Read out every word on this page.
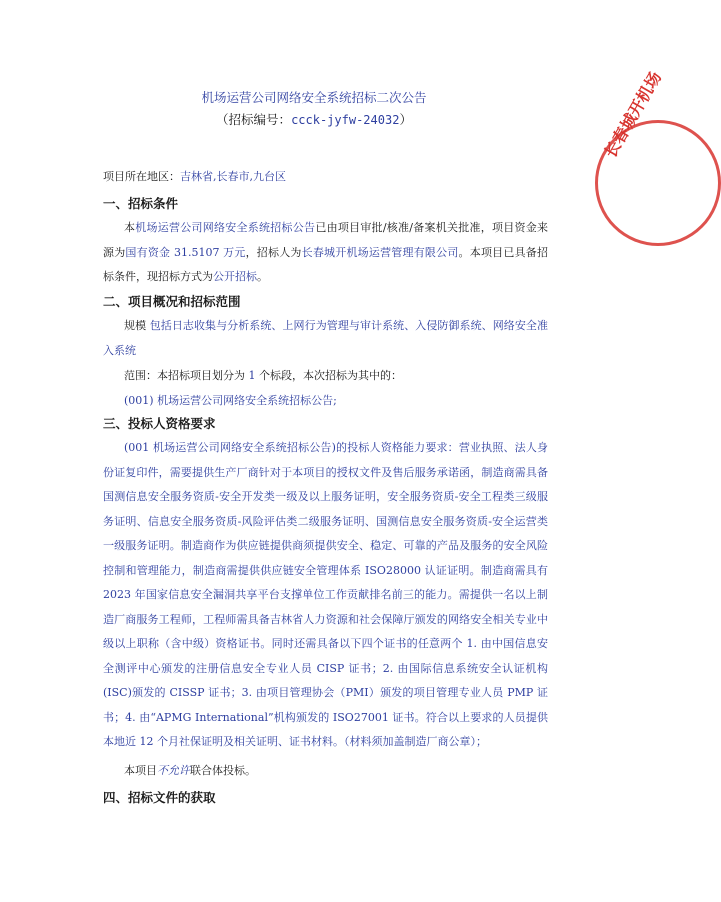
机场运营公司网络安全系统招标二次公告
（招标编号：ccck-jyfw-24032）
项目所在地区：吉林省,长春市,九台区
一、招标条件

本机场运营公司网络安全系统招标公告已由项目审批/核准/备案机关批准，项目资金来源为国有资金 31.5107 万元，招标人为长春城开机场运营管理有限公司。本项目已具备招标条件，现招标方式为公开招标。

二、项目概况和招标范围

规模 包括日志收集与分析系统、上网行为管理与审计系统、入侵防御系统、网络安全准入系统

范围：本招标项目划分为 1 个标段，本次招标为其中的：
(001) 机场运营公司网络安全系统招标公告;
三、投标人资格要求

(001 机场运营公司网络安全系统招标公告)的投标人资格能力要求：营业执照、法人身份证复印件，需要提供生产厂商针对于本项目的授权文件及售后服务承诺函，制造商需具备国测信息安全服务资质-安全开发类一级及以上服务证明，安全服务资质-安全工程类三级服务证明、信息安全服务资质-风险评估类二级服务证明、国测信息安全服务资质-安全运营类一级服务证明。制造商作为供应链提供商须提供安全、稳定、可靠的产品及服务的安全风险控制和管理能力，制造商需提供供应链安全管理体系 ISO28000 认证证明。制造商需具有 2023 年国家信息安全漏洞共享平台支撑单位工作贡献排名前三的能力。需提供一名以上制造厂商服务工程师，工程师需具备吉林省人力资源和社会保障厅颁发的网络安全相关专业中级以上职称（含中级）资格证书。同时还需具备以下四个证书的任意两个 1. 由中国信息安全测评中心颁发的注册信息安全专业人员 CISP 证书；2. 由国际信息系统安全认证机构(ISC)颁发的 CISSP 证书；3. 由项目管理协会（PMI）颁发的项目管理专业人员 PMP 证书；4. 由“APMG International”机构颁发的 ISO27001 证书。符合以上要求的人员提供本地近 12 个月社保证明及相关证明、证书材料。（材料须加盖制造厂商公章）；

本项目不允许联合体投标。
四、招标文件的获取
长春城开机场
